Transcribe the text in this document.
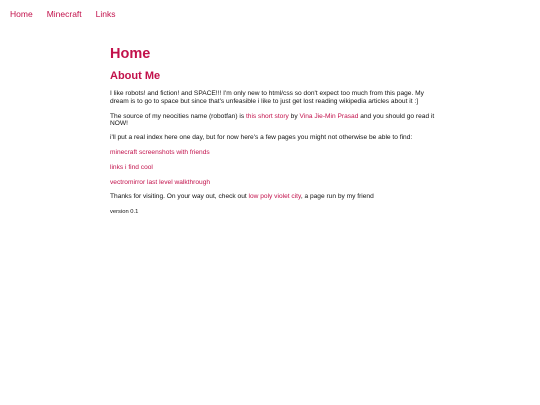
Home Minecraft Links
Home
About Me

I like robots! and fiction! and SPACE!!! I'm only new to html/css so don't expect too much from this page. My dream is to go to space but since that's unfeasible i like to just get lost reading wikipedia articles about it :]

The source of my neocities name (robotfan) is this short story by Vina Jie-Min Prasad and you should go read it NOW!

i'll put a real index here one day, but for now here's a few pages you might not otherwise be able to find:

minecraft screenshots with friends

links i find cool

vectromirror last level walkthrough

Thanks for visiting. On your way out, check out low poly violet city, a page run by my friend

version 0.1
